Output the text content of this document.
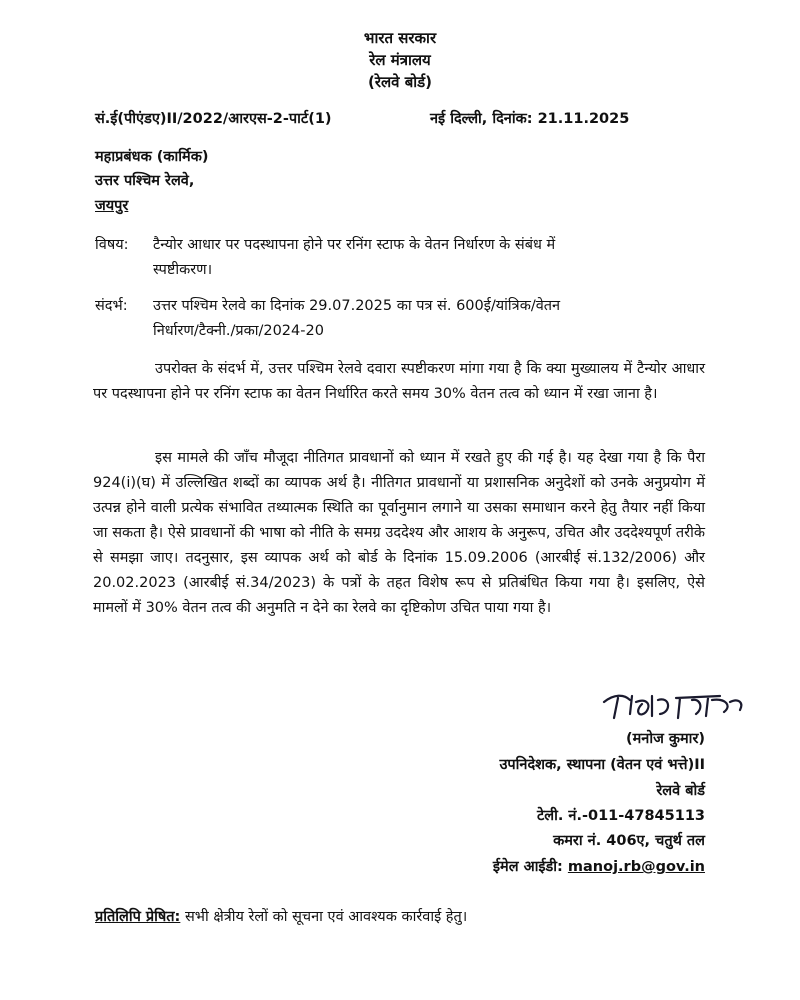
भारत सरकार
रेल मंत्रालय
(रेलवे बोर्ड)
सं.ई(पीएंडए)II/2022/आरएस-2-पार्ट(1)	नई दिल्ली, दिनांक: 21.11.2025
महाप्रबंधक (कार्मिक)
उत्तर पश्चिम रेलवे,
जयपुर
विषय: टैन्योर आधार पर पदस्थापना होने पर रनिंग स्टाफ के वेतन निर्धारण के संबंध में
स्पष्टीकरण।
संदर्भ: उत्तर पश्चिम रेलवे का दिनांक 29.07.2025 का पत्र सं. 600ई/यांत्रिक/वेतन
निर्धारण/टैक्नी./प्रका/2024-20
उपरोक्त के संदर्भ में, उत्तर पश्चिम रेलवे दवारा स्पष्टीकरण मांगा गया है कि क्या मुख्यालय में टैन्योर आधार पर पदस्थापना होने पर रनिंग स्टाफ का वेतन निर्धारित करते समय 30% वेतन तत्व को ध्यान में रखा जाना है।
इस मामले की जाँच मौजूदा नीतिगत प्रावधानों को ध्यान में रखते हुए की गई है। यह देखा गया है कि पैरा 924(i)(घ) में उल्लिखित शब्दों का व्यापक अर्थ है। नीतिगत प्रावधानों या प्रशासनिक अनुदेशों को उनके अनुप्रयोग में उत्पन्न होने वाली प्रत्येक संभावित तथ्यात्मक स्थिति का पूर्वानुमान लगाने या उसका समाधान करने हेतु तैयार नहीं किया जा सकता है। ऐसे प्रावधानों की भाषा को नीति के समग्र उददेश्य और आशय के अनुरूप, उचित और उददेश्यपूर्ण तरीके से समझा जाए। तदनुसार, इस व्यापक अर्थ को बोर्ड के दिनांक 15.09.2006 (आरबीई सं.132/2006) और 20.02.2023 (आरबीई सं.34/2023) के पत्रों के तहत विशेष रूप से प्रतिबंधित किया गया है। इसलिए, ऐसे मामलों में 30% वेतन तत्व की अनुमति न देने का रेलवे का दृष्टिकोण उचित पाया गया है।
(मनोज कुमार)
उपनिदेशक, स्थापना (वेतन एवं भत्ते)II
रेलवे बोर्ड
टेली. नं.-011-47845113
कमरा नं. 406ए, चतुर्थ तल
ईमेल आईडी: manoj.rb@gov.in
प्रतिलिपि प्रेषित: सभी क्षेत्रीय रेलों को सूचना एवं आवश्यक कार्रवाई हेतु।
